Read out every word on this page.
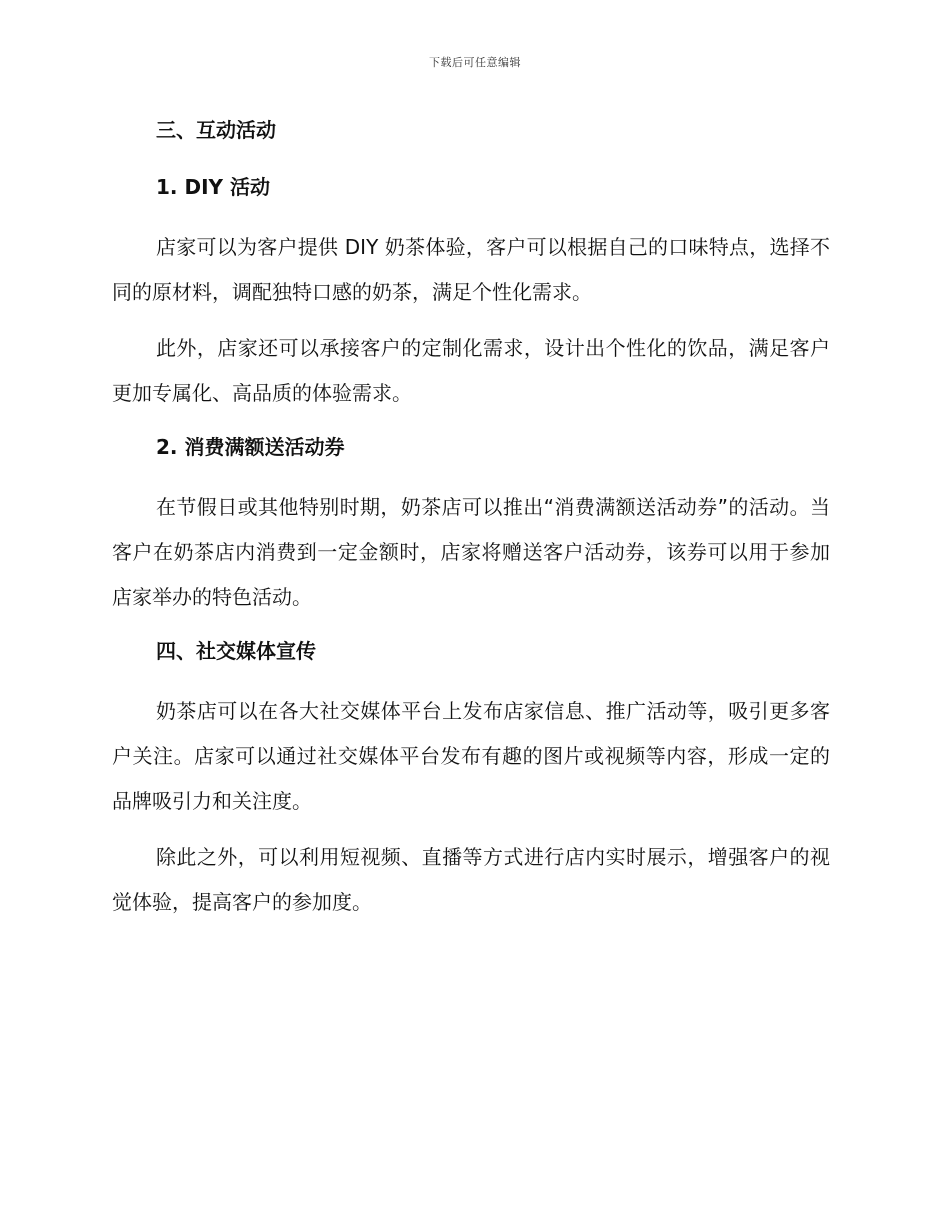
下载后可任意编辑
三、互动活动
1. DIY 活动

店家可以为客户提供 DIY 奶茶体验，客户可以根据自己的口味特点，选择不同的原材料，调配独特口感的奶茶，满足个性化需求。

此外，店家还可以承接客户的定制化需求，设计出个性化的饮品，满足客户更加专属化、高品质的体验需求。

2. 消费满额送活动券

在节假日或其他特别时期，奶茶店可以推出“消费满额送活动券”的活动。当客户在奶茶店内消费到一定金额时，店家将赠送客户活动券，该券可以用于参加店家举办的特色活动。

四、社交媒体宣传

奶茶店可以在各大社交媒体平台上发布店家信息、推广活动等，吸引更多客户关注。店家可以通过社交媒体平台发布有趣的图片或视频等内容，形成一定的品牌吸引力和关注度。

除此之外，可以利用短视频、直播等方式进行店内实时展示，增强客户的视觉体验，提高客户的参加度。
